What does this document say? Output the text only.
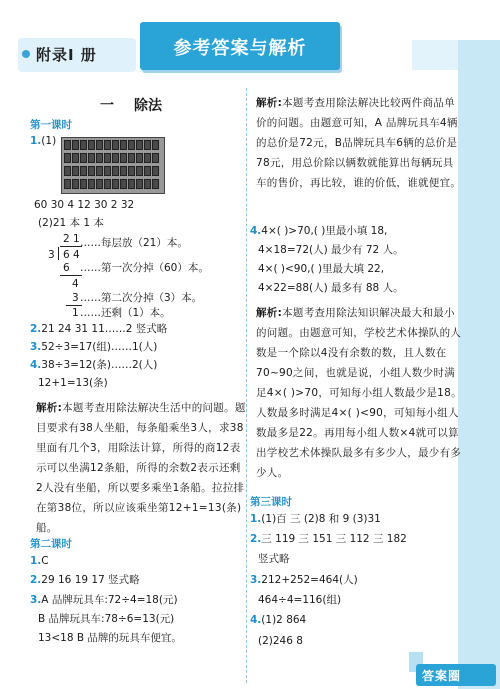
附录Ⅰ 册	参考答案与解析
一 除法
第一课时
1.(1)
60 30 4 12 30 2 32
(2)21 本 1 本
2 1
3 6 4
……每层放（21）本。
6 ……第一次分掉（60）本。
4
3 ……第二次分掉（3）本。
1 ……还剩（1）本。
2.21 24 31 11……2 竖式略
3.52÷3=17(组)……1(人)
4.38÷3=12(条)……2(人)
12+1=13(条)
解析:本题考查用除法解决生活中的问题。题目要求有38人坐船，每条船乘坐3人，求38里面有几个3，用除法计算，所得的商12表示可以坐满12条船，所得的余数2表示还剩2人没有坐船，所以要多乘坐1条船。拉拉排在第38位，所以应该乘坐第12+1=13(条)船。
第二课时
1.C
2.29 16 19 17 竖式略
3.A 品牌玩具车:72÷4=18(元)
B 品牌玩具车:78÷6=13(元)
13<18 B 品牌的玩具车便宜。
解析:本题考查用除法解决比较两件商品单价的问题。由题意可知，A 品牌玩具车4辆的总价是72元，B品牌玩具车6辆的总价是78元，用总价除以辆数就能算出每辆玩具车的售价，再比较，谁的价低，谁就便宜。
4.4×( )>70,( )里最小填 18,
4×18=72(人) 最少有 72 人。
4×( )<90,( )里最大填 22,
4×22=88(人) 最多有 88 人。
解析:本题考查用除法知识解决最大和最小的问题。由题意可知，学校艺术体操队的人数是一个除以4没有余数的数，且人数在70~90之间，也就是说，小组人数少时满足4×( )>70，可知每小组人数最少是18。人数最多时满足4×( )<90，可知每小组人数最多是22。再用每小组人数×4就可以算出学校艺术体操队最多有多少人，最少有多少人。
第三课时
1.(1)百 三 (2)8 和 9 (3)31
2.三 119 三 151 三 112 三 182
竖式略
3.212+252=464(人)
464÷4=116(组)
4.(1)2 864
(2)246 8
答案圈
